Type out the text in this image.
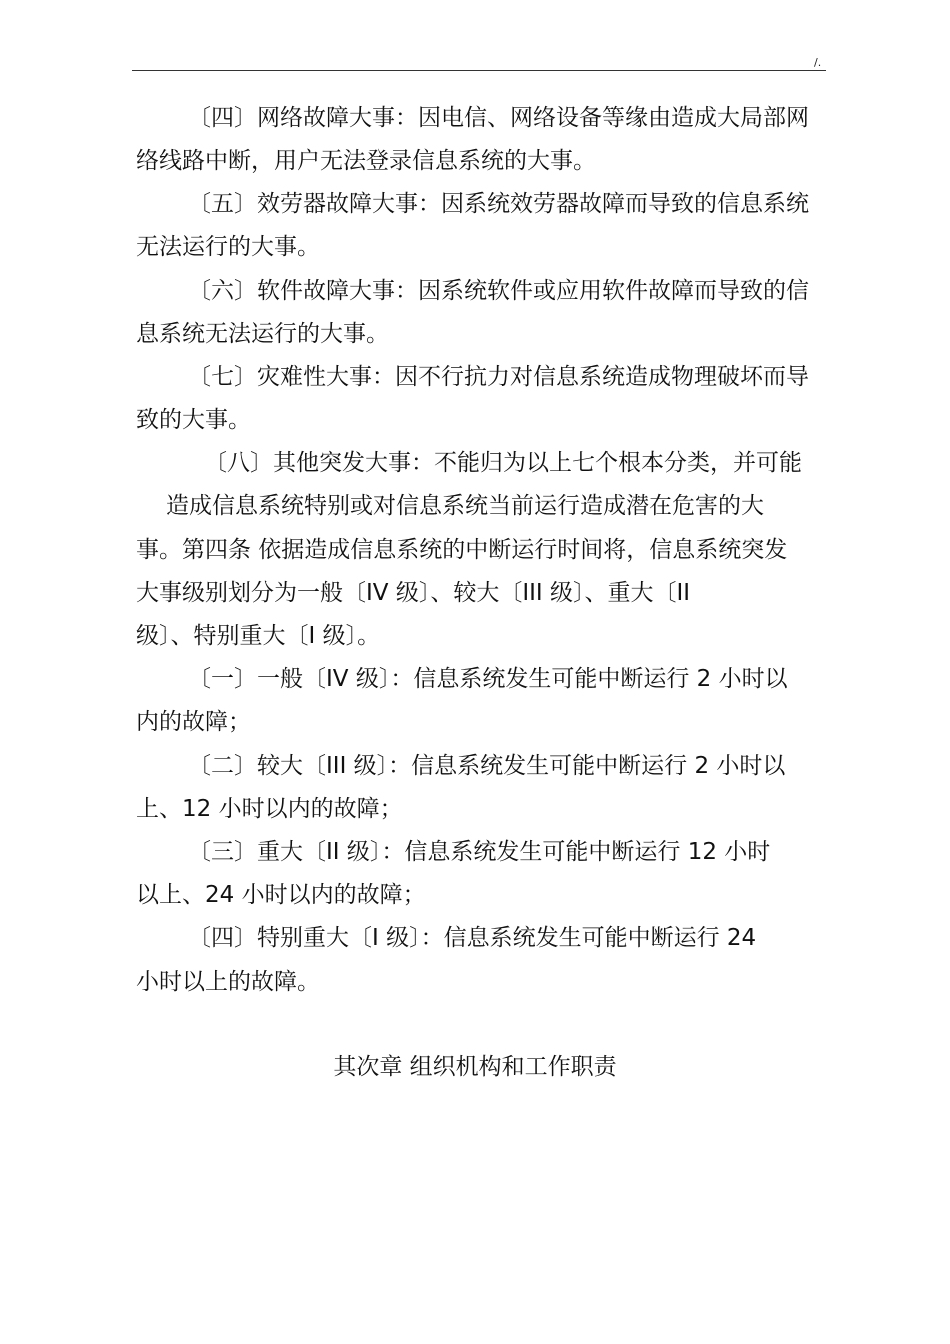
/.
〔四〕网络故障大事：因电信、网络设备等缘由造成大局部网
络线路中断，用户无法登录信息系统的大事。
〔五〕效劳器故障大事：因系统效劳器故障而导致的信息系统
无法运行的大事。
〔六〕软件故障大事：因系统软件或应用软件故障而导致的信
息系统无法运行的大事。
〔七〕灾难性大事：因不行抗力对信息系统造成物理破坏而导
致的大事。
〔八〕其他突发大事：不能归为以上七个根本分类，并可能
造成信息系统特别或对信息系统当前运行造成潜在危害的大
事。第四条 依据造成信息系统的中断运行时间将，信息系统突发
大事级别划分为一般〔IV 级〕、较大〔III 级〕、重大〔II
级〕、特别重大〔I 级〕。
〔一〕一般〔IV 级〕：信息系统发生可能中断运行 2 小时以
内的故障；
〔二〕较大〔III 级〕：信息系统发生可能中断运行 2 小时以
上、12 小时以内的故障；
〔三〕重大〔II 级〕：信息系统发生可能中断运行 12 小时
以上、24 小时以内的故障；
〔四〕特别重大〔I 级〕：信息系统发生可能中断运行 24
小时以上的故障。
其次章 组织机构和工作职责
